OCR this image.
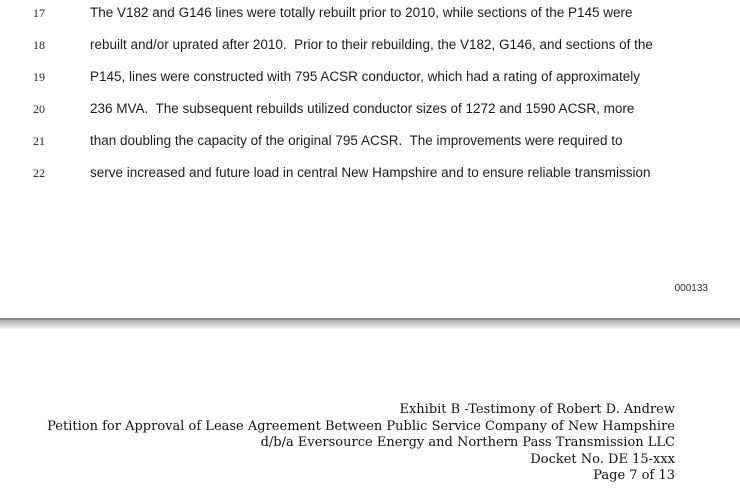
17	The V182 and G146 lines were totally rebuilt prior to 2010, while sections of the P145 were
18	rebuilt and/or uprated after 2010.  Prior to their rebuilding, the V182, G146, and sections of the
19	P145, lines were constructed with 795 ACSR conductor, which had a rating of approximately
20	236 MVA.  The subsequent rebuilds utilized conductor sizes of 1272 and 1590 ACSR, more
21	than doubling the capacity of the original 795 ACSR.  The improvements were required to
22	serve increased and future load in central New Hampshire and to ensure reliable transmission
000133
Exhibit B -Testimony of Robert D. Andrew
Petition for Approval of Lease Agreement Between Public Service Company of New Hampshire
d/b/a Eversource Energy and Northern Pass Transmission LLC
Docket No. DE 15-xxx
Page 7 of 13
